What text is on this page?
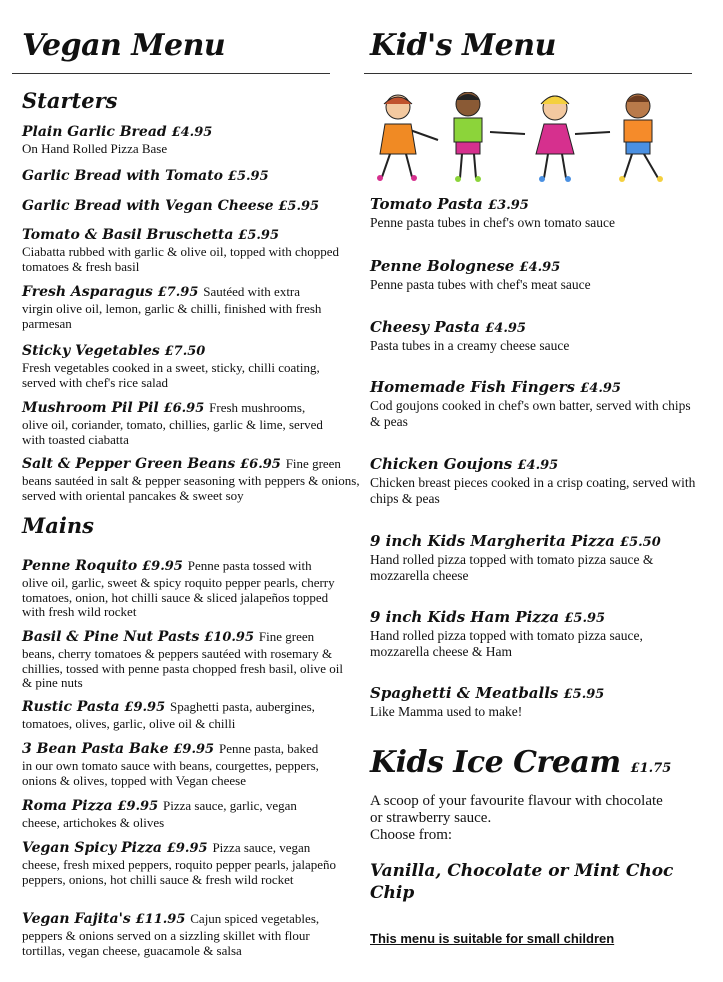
Vegan Menu
Starters
Plain Garlic Bread £4.95
On Hand Rolled Pizza Base
Garlic Bread with Tomato £5.95
Garlic Bread with Vegan Cheese £5.95
Tomato & Basil Bruschetta £5.95
Ciabatta rubbed with garlic & olive oil, topped with chopped tomatoes & fresh basil
Fresh Asparagus £7.95 Sautéed with extra
virgin olive oil, lemon, garlic & chilli, finished with fresh parmesan
Sticky Vegetables £7.50
Fresh vegetables cooked in a sweet, sticky, chilli coating, served with chef's rice salad
Mushroom Pil Pil £6.95 Fresh mushrooms,
olive oil, coriander, tomato, chillies, garlic & lime, served with toasted ciabatta
Salt & Pepper Green Beans £6.95 Fine green
beans sautéed in salt & pepper seasoning with peppers & onions, served with oriental pancakes & sweet soy
Mains
Penne Roquito £9.95 Penne pasta tossed with
olive oil, garlic, sweet & spicy roquito pepper pearls, cherry tomatoes, onion, hot chilli sauce & sliced jalapeños topped with fresh wild rocket
Basil & Pine Nut Pasts £10.95 Fine green
beans, cherry tomatoes & peppers sautéed with rosemary & chillies, tossed with penne pasta chopped fresh basil, olive oil & pine nuts
Rustic Pasta £9.95 Spaghetti pasta, aubergines,
tomatoes, olives, garlic, olive oil & chilli
3 Bean Pasta Bake £9.95 Penne pasta, baked
in our own tomato sauce with beans, courgettes, peppers, onions & olives, topped with Vegan cheese
Roma Pizza £9.95 Pizza sauce, garlic, vegan
cheese, artichokes & olives
Vegan Spicy Pizza £9.95 Pizza sauce, vegan
cheese, fresh mixed peppers, roquito pepper pearls, jalapeño peppers, onions, hot chilli sauce & fresh wild rocket
Vegan Fajita's £11.95 Cajun spiced vegetables,
peppers & onions served on a sizzling skillet with flour tortillas, vegan cheese, guacamole & salsa
Kid's Menu
Tomato Pasta £3.95
Penne pasta tubes in chef's own tomato sauce
Penne Bolognese £4.95
Penne pasta tubes with chef's meat sauce
Cheesy Pasta £4.95
Pasta tubes in a creamy cheese sauce
Homemade Fish Fingers £4.95
Cod goujons cooked in chef's own batter, served with chips & peas
Chicken Goujons £4.95
Chicken breast pieces cooked in a crisp coating, served with chips & peas
9 inch Kids Margherita Pizza £5.50
Hand rolled pizza topped with tomato pizza sauce & mozzarella cheese
9 inch Kids Ham Pizza £5.95
Hand rolled pizza topped with tomato pizza sauce, mozzarella cheese & Ham
Spaghetti & Meatballs £5.95
Like Mamma used to make!
Kids Ice Cream £1.75
A scoop of your favourite flavour with chocolate or strawberry sauce.
Choose from:
Vanilla, Chocolate or Mint Choc Chip
This menu is suitable for small children
